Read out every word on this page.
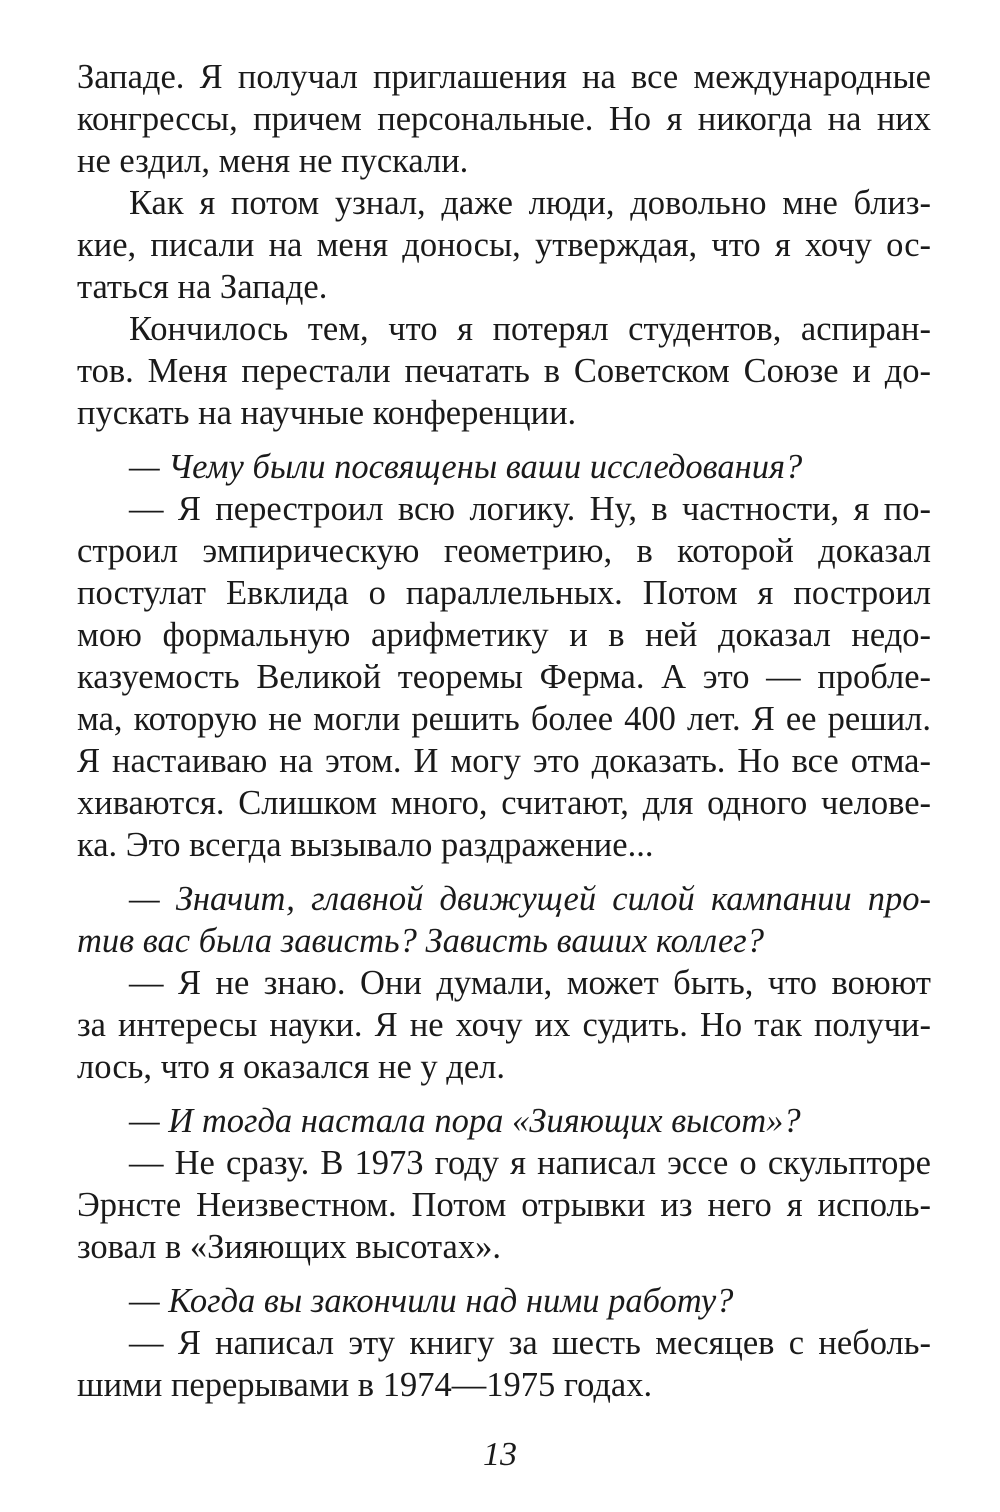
Западе. Я получал приглашения на все международные
конгрессы, причем персональные. Но я никогда на них
не ездил, меня не пускали.
Как я потом узнал, даже люди, довольно мне близ-
кие, писали на меня доносы, утверждая, что я хочу ос-
таться на Западе.
Кончилось тем, что я потерял студентов, аспиран-
тов. Меня перестали печатать в Советском Союзе и до-
пускать на научные конференции.
— Чему были посвящены ваши исследования?
— Я перестроил всю логику. Ну, в частности, я по-
строил эмпирическую геометрию, в которой доказал
постулат Евклида о параллельных. Потом я построил
мою формальную арифметику и в ней доказал недо-
казуемость Великой теоремы Ферма. А это — пробле-
ма, которую не могли решить более 400 лет. Я ее решил.
Я настаиваю на этом. И могу это доказать. Но все отма-
хиваются. Слишком много, считают, для одного челове-
ка. Это всегда вызывало раздражение...
— Значит, главной движущей силой кампании про-
тив вас была зависть? Зависть ваших коллег?
— Я не знаю. Они думали, может быть, что воюют
за интересы науки. Я не хочу их судить. Но так получи-
лось, что я оказался не у дел.
— И тогда настала пора «Зияющих высот»?
— Не сразу. В 1973 году я написал эссе о скульпторе
Эрнсте Неизвестном. Потом отрывки из него я исполь-
зовал в «Зияющих высотах».
— Когда вы закончили над ними работу?
— Я написал эту книгу за шесть месяцев с неболь-
шими перерывами в 1974—1975 годах.
13
